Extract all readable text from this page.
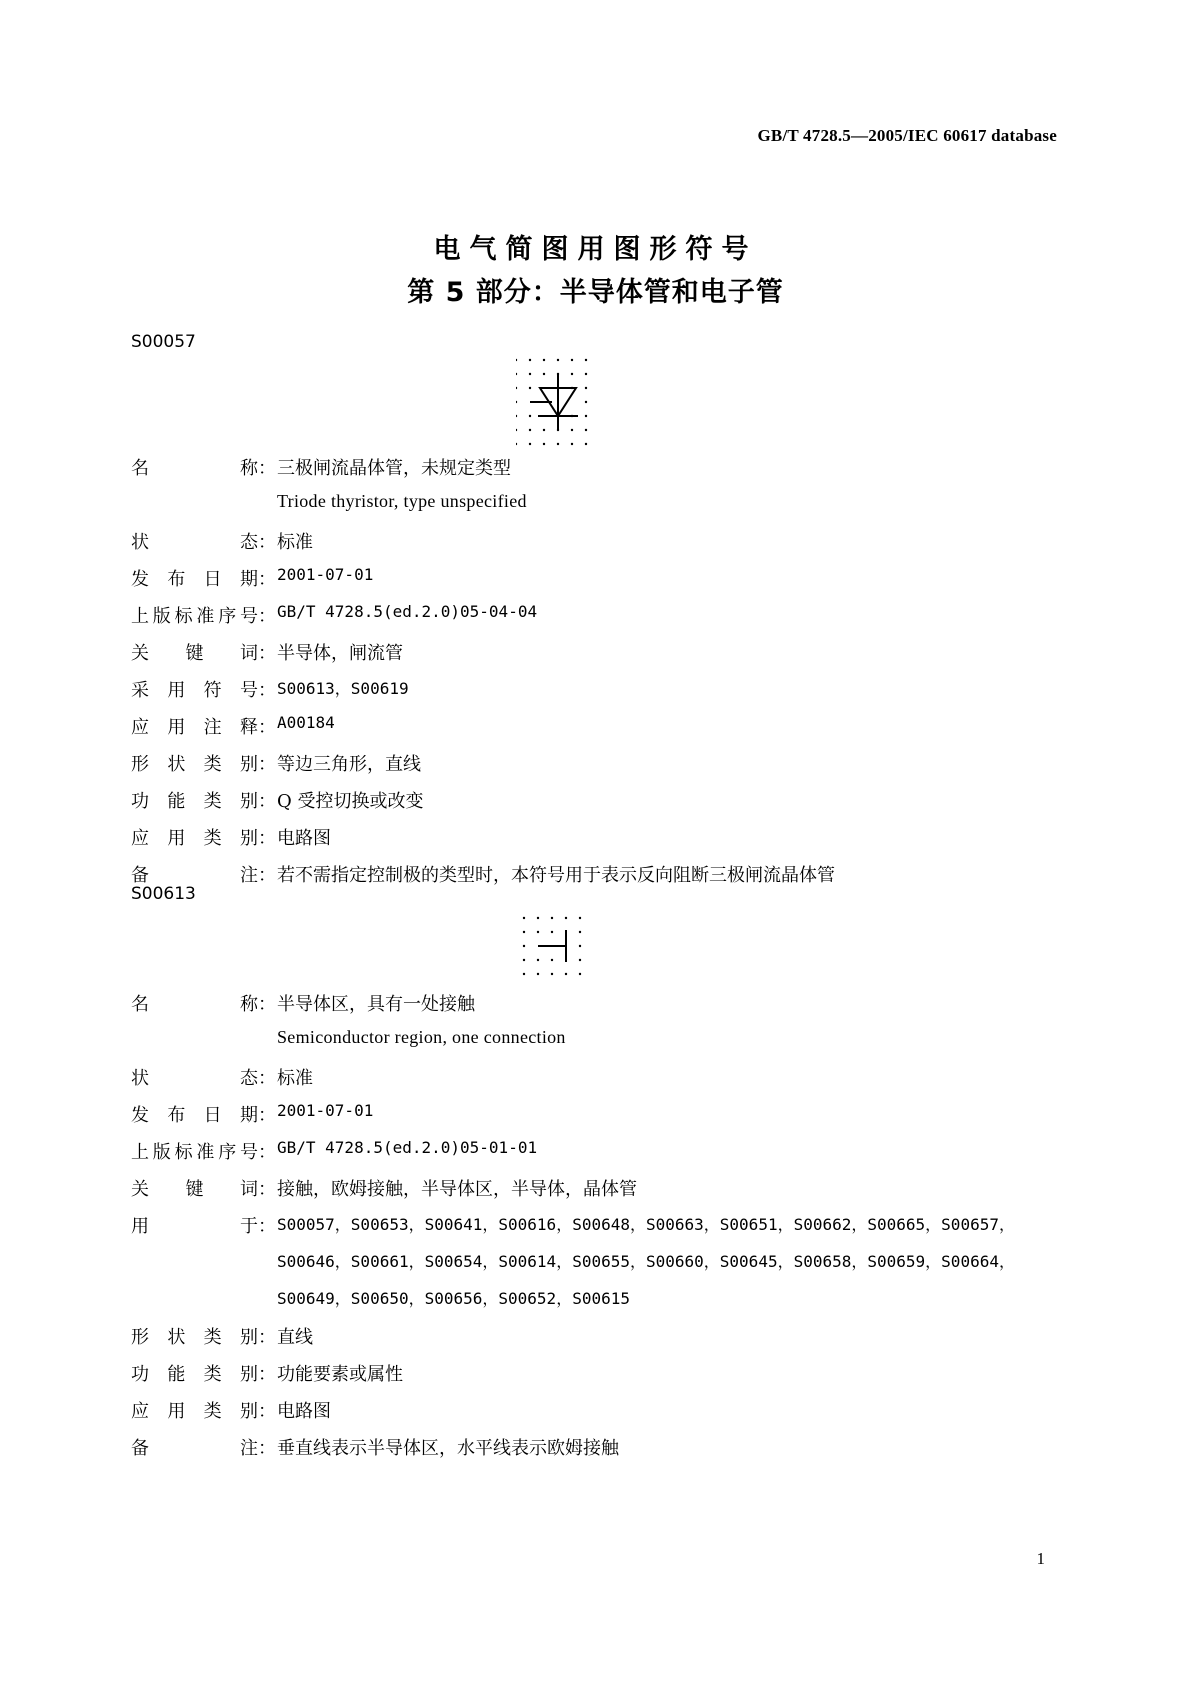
GB/T 4728.5—2005/IEC 60617 database
电气简图用图形符号
第 5 部分：半导体管和电子管
S00057
名	称 ： 三极闸流晶体管，未规定类型
Triode thyristor, type unspecified
状	态 ： 标准
发 布 日 期 ： 2001-07-01
上 版 标 准 序 号 ： GB/T 4728.5(ed.2.0)05-04-04
关 键 词 ： 半导体，闸流管
采 用 符 号 ： S00613，S00619
应 用 注 释 ： A00184
形 状 类 别 ： 等边三角形，直线
功 能 类 别 ： Q 受控切换或改变
应 用 类 别 ： 电路图
备	注 ： 若不需指定控制极的类型时，本符号用于表示反向阻断三极闸流晶体管
S00613
名	称 ： 半导体区，具有一处接触
Semiconductor region, one connection
状	态 ： 标准
发 布 日 期 ： 2001-07-01
上 版 标 准 序 号 ： GB/T 4728.5(ed.2.0)05-01-01
关 键 词 ： 接触，欧姆接触，半导体区，半导体，晶体管
用	于 ： S00057，S00653，S00641，S00616，S00648，S00663，S00651，S00662，S00665，S00657，
S00646，S00661，S00654，S00614，S00655，S00660，S00645，S00658，S00659，S00664，
S00649，S00650，S00656，S00652，S00615
形 状 类 别 ： 直线
功 能 类 别 ： 功能要素或属性
应 用 类 别 ： 电路图
备	注 ： 垂直线表示半导体区，水平线表示欧姆接触
1
